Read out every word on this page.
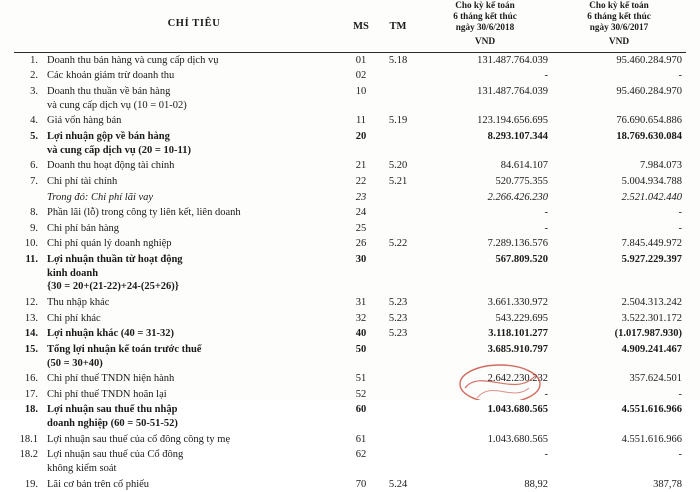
	CHỈ TIÊU	MS	TM	
Cho kỳ kế toán
6 tháng kết thúc
ngày 30/6/2018

Cho kỳ kế toán
6 tháng kết thúc
ngày 30/6/2017

				VND	VND

1.	Doanh thu bán hàng và cung cấp dịch vụ	01	5.18	131.487.764.039	95.460.284.970
2.	Các khoản giảm trừ doanh thu	02		-	-
3.	Doanh thu thuần về bán hàng
và cung cấp dịch vụ (10 = 01-02)	10		131.487.764.039	95.460.284.970
4.	Giá vốn hàng bán	11	5.19	123.194.656.695	76.690.654.886
5.	Lợi nhuận gộp về bán hàng
và cung cấp dịch vụ (20 = 10-11)	20		8.293.107.344	18.769.630.084
6.	Doanh thu hoạt động tài chính	21	5.20	84.614.107	7.984.073
7.	Chi phí tài chính	22	5.21	520.775.355	5.004.934.788
	Trong đó: Chi phí lãi vay	23		2.266.426.230	2.521.042.440
8.	Phần lãi (lỗ) trong công ty liên kết, liên doanh	24		-	-
9.	Chi phí bán hàng	25		-	-
10.	Chi phí quản lý doanh nghiệp	26	5.22	7.289.136.576	7.845.449.972
11.	Lợi nhuận thuần từ hoạt động
kinh doanh
{30 = 20+(21-22)+24-(25+26)}	30		567.809.520	5.927.229.397
12.	Thu nhập khác	31	5.23	3.661.330.972	2.504.313.242
13.	Chi phí khác	32	5.23	543.229.695	3.522.301.172
14.	Lợi nhuận khác (40 = 31-32)	40	5.23	3.118.101.277	(1.017.987.930)
15.	Tổng lợi nhuận kế toán trước thuế
(50 = 30+40)	50		3.685.910.797	4.909.241.467
16.	Chi phí thuế TNDN hiện hành	51		2.642.230.232	357.624.501
17.	Chi phí thuế TNDN hoãn lại	52		-	-
18.	Lợi nhuận sau thuế thu nhập
doanh nghiệp (60 = 50-51-52)	60		1.043.680.565	4.551.616.966
18.1	Lợi nhuận sau thuế của cổ đông công ty mẹ	61		1.043.680.565	4.551.616.966
18.2	Lợi nhuận sau thuế của Cổ đông
không kiểm soát	62		-	-
19.	Lãi cơ bản trên cổ phiếu	70	5.24	88,92	387,78
